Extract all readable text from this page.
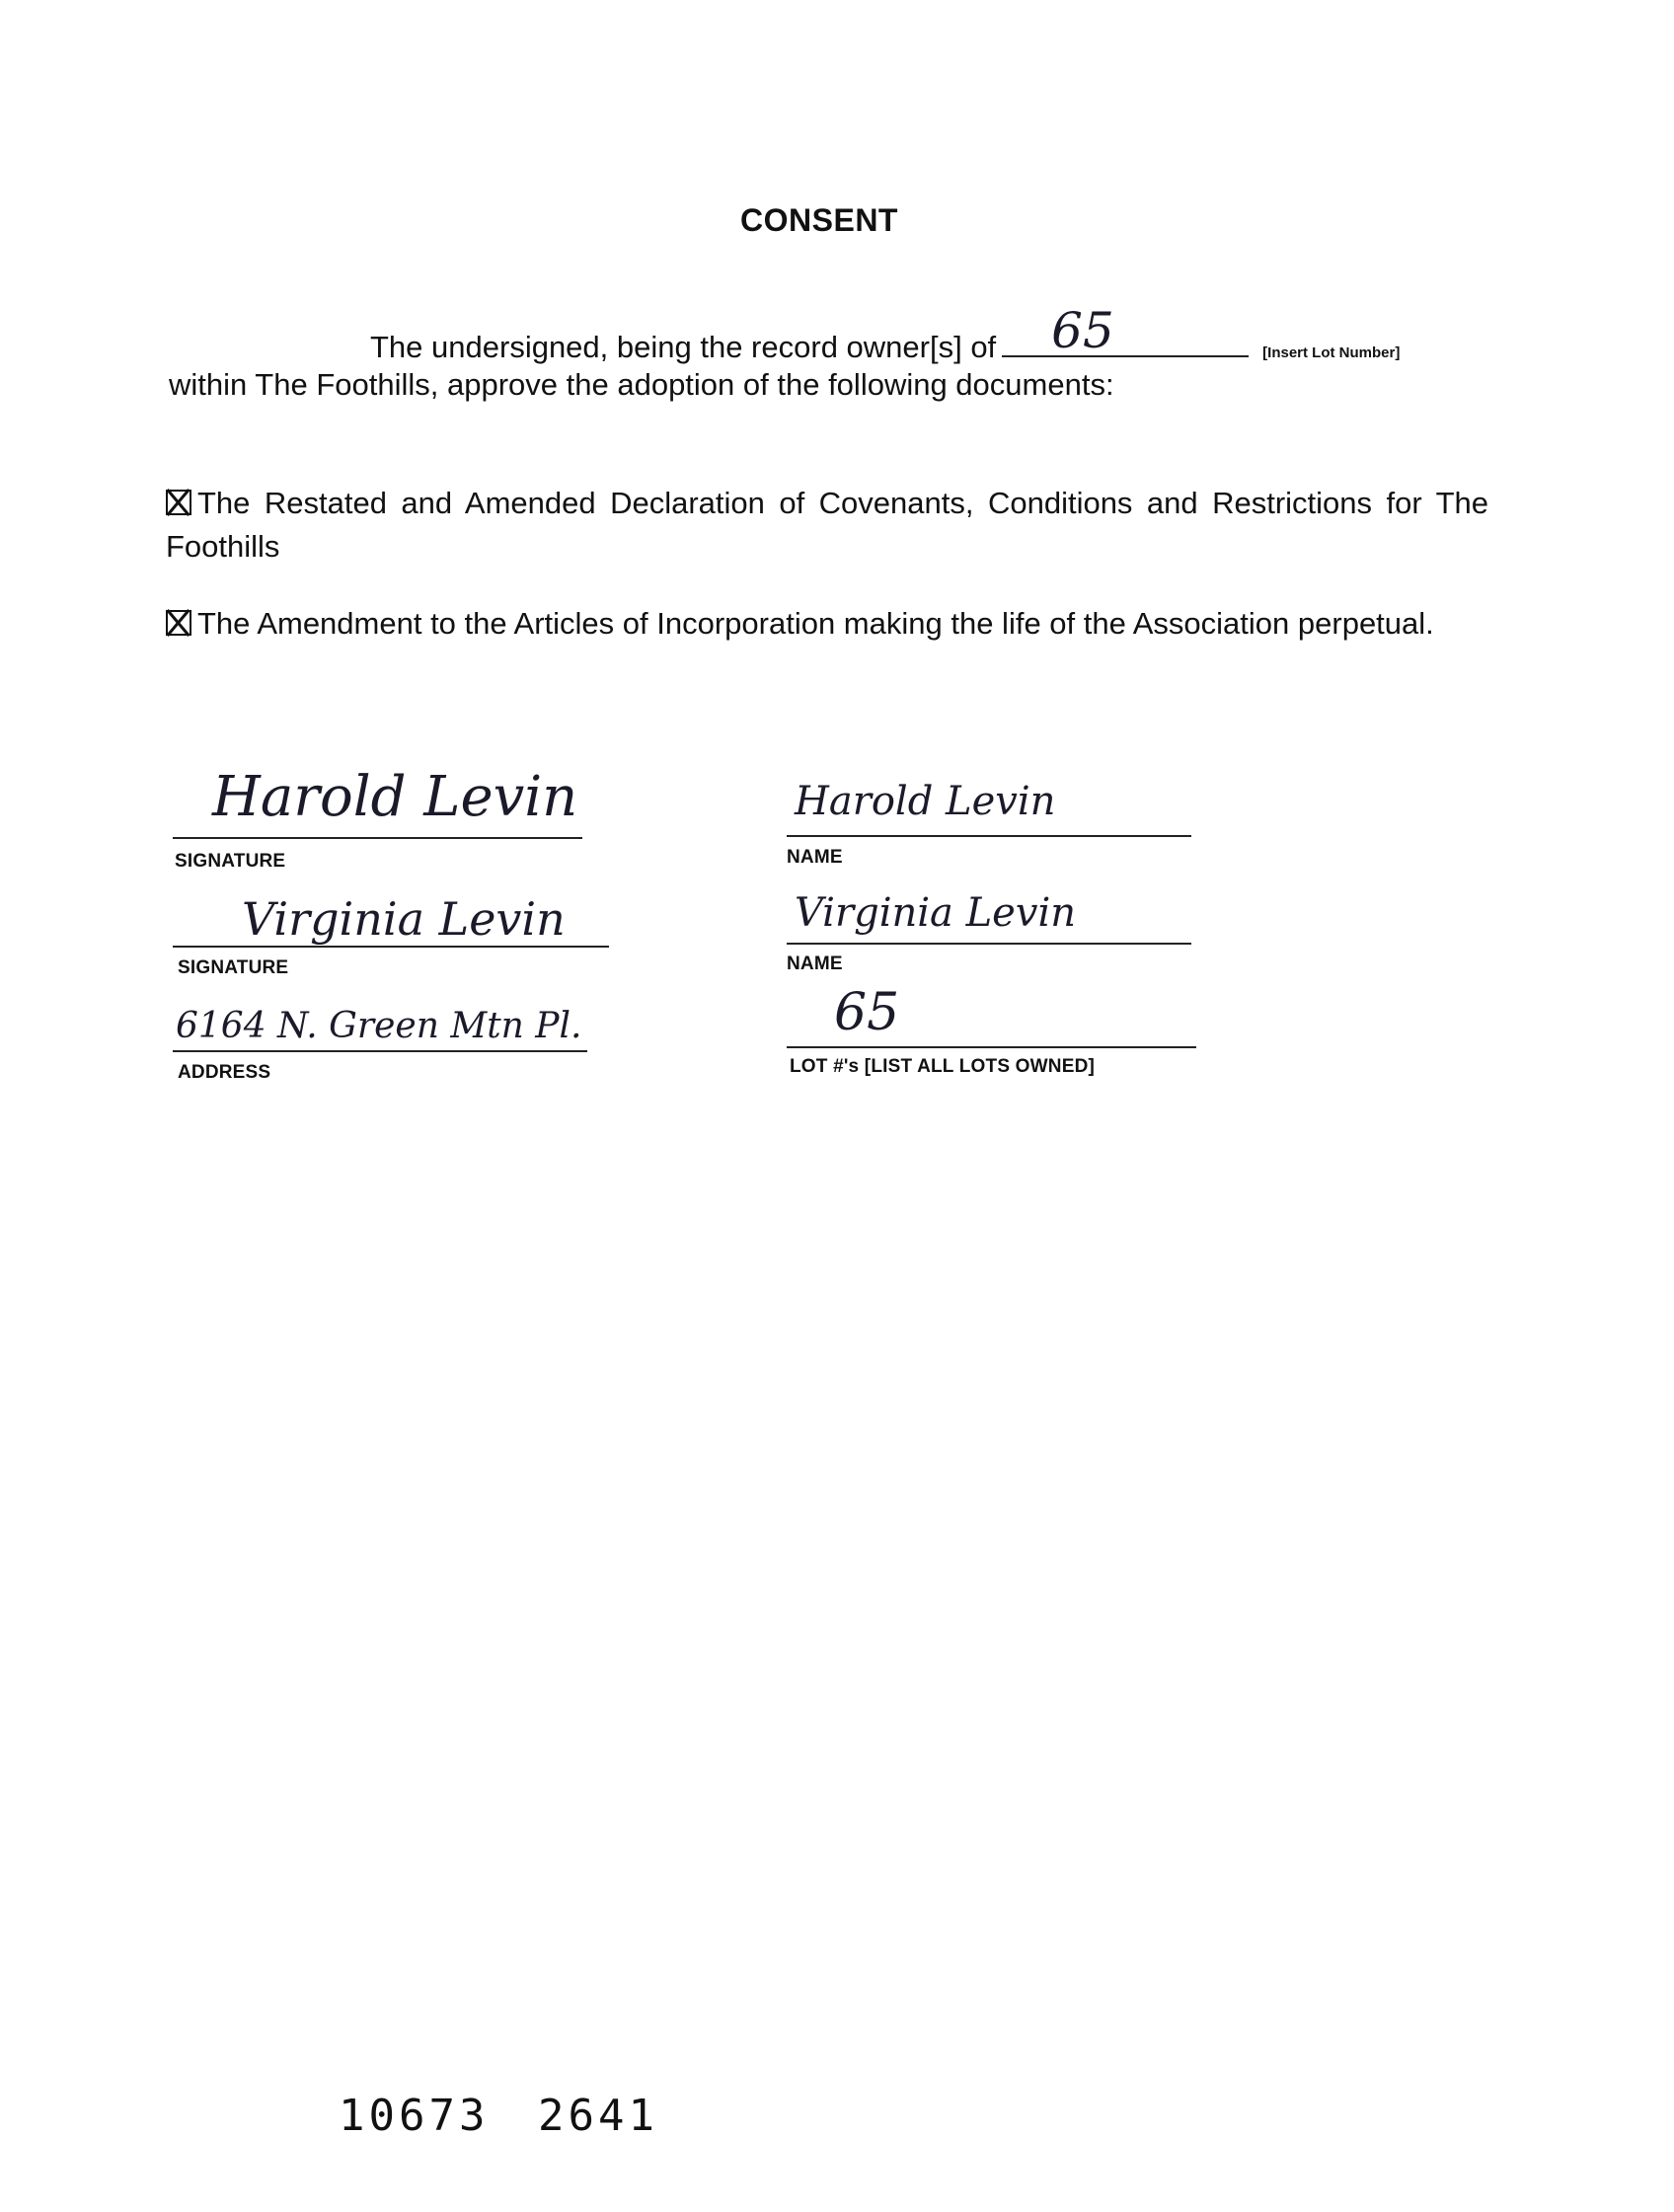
CONSENT
The undersigned, being the record owner[s] of 65	[Insert Lot Number]
within The Foothills, approve the adoption of the following documents:
The Restated and Amended Declaration of Covenants, Conditions and Restrictions for The Foothills
The Amendment to the Articles of Incorporation making the life of the Association perpetual.
Harold Levin
SIGNATURE
Virginia Levin
SIGNATURE
6164 N. Green Mtn Pl.
ADDRESS
Harold Levin
NAME
Virginia Levin
NAME
65
LOT #'s [LIST ALL LOTS OWNED]
10673 2641
